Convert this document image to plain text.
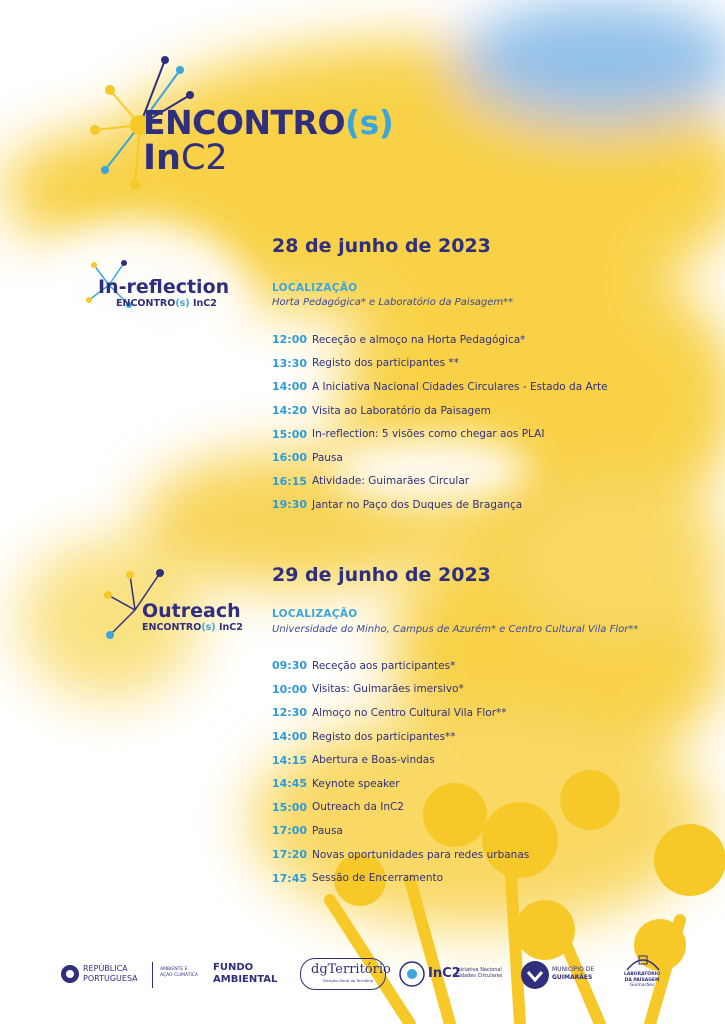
ENCONTRO(s)
InC2
In-reflection
ENCONTRO(s) InC2
28 de junho de 2023
LOCALIZAÇÃO
Horta Pedagógica* e Laboratório da Paisagem**
12:00 Receção e almoço na Horta Pedagógica*
13:30 Registo dos participantes **
14:00 A Iniciativa Nacional Cidades Circulares - Estado da Arte
14:20 Visita ao Laboratório da Paisagem
15:00 In-reflection: 5 visões como chegar aos PLAI
16:00 Pausa
16:15 Atividade: Guimarães Circular
19:30 Jantar no Paço dos Duques de Bragança
Outreach
ENCONTRO(s) InC2
29 de junho de 2023
LOCALIZAÇÃO
Universidade do Minho, Campus de Azurém* e Centro Cultural Vila Flor**
09:30 Receção aos participantes*
10:00 Visitas: Guimarães imersivo*
12:30 Almoço no Centro Cultural Vila Flor**
14:00 Registo dos participantes**
14:15 Abertura e Boas-vindas
14:45 Keynote speaker
15:00 Outreach da InC2
17:00 Pausa
17:20 Novas oportunidades para redes urbanas
17:45 Sessão de Encerramento
REPÚBLICA
PORTUGUESA
AMBIENTE E
AÇÃO CLIMÁTICA
FUNDO
AMBIENTAL
dgTerritório
Direção-Geral do Território	InC2
Iniciativa Nacional
Cidades Circulares
MUNICÍPIO DE
GUIMARÃES	LABORATÓRIO
DA PAISAGEM
Guimarães
